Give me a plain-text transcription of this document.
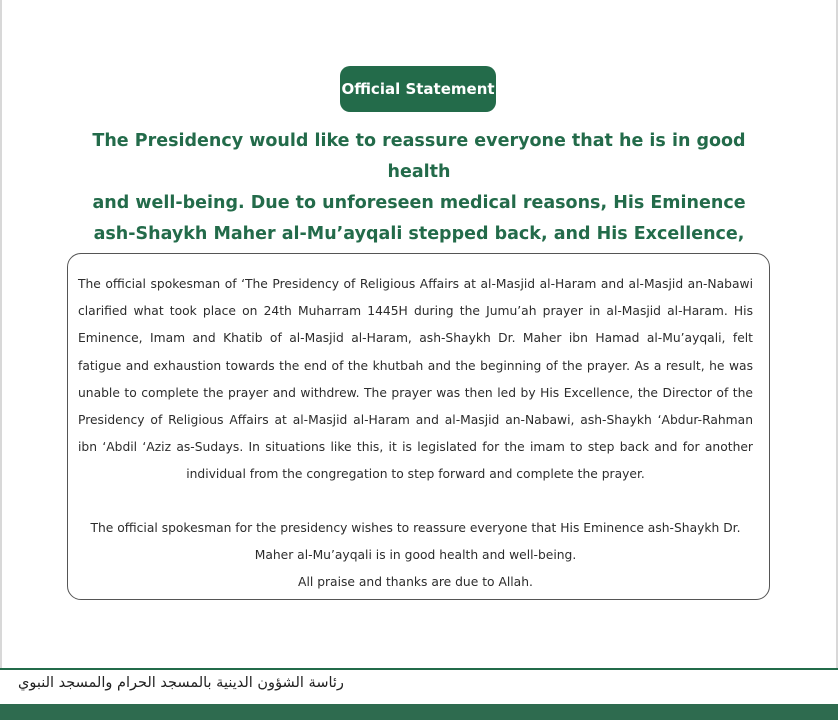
Official Statement
The Presidency would like to reassure everyone that he is in good health
and well-being. Due to unforeseen medical reasons, His Eminence
ash-Shaykh Maher al-Mu’ayqali stepped back, and His Excellence,

The official spokesman of ‘The Presidency of Religious Affairs at al-Masjid al-Haram and al-Masjid an-Nabawi clarified what took place on 24th Muharram 1445H during the Jumu’ah prayer in al-Masjid al-Haram. His Eminence, Imam and Khatib of al-Masjid al-Haram, ash-Shaykh Dr. Maher ibn Hamad al-Mu’ayqali, felt fatigue and exhaustion towards the end of the khutbah and the beginning of the prayer. As a result, he was unable to complete the prayer and withdrew. The prayer was then led by His Excellence, the Director of the Presidency of Religious Affairs at al-Masjid al-Haram and al-Masjid an-Nabawi, ash-Shaykh ‘Abdur-Rahman ibn ‘Abdil ‘Aziz as-Sudays. In situations like this, it is legislated for the imam to step back and for another individual from the congregation to step forward and complete the prayer.

The official spokesman for the presidency wishes to reassure everyone that His Eminence ash-Shaykh Dr. Maher al-Mu’ayqali is in good health and well-being.

All praise and thanks are due to Allah.

رئاسة الشؤون الدينية بالمسجد الحرام والمسجد النبوي
